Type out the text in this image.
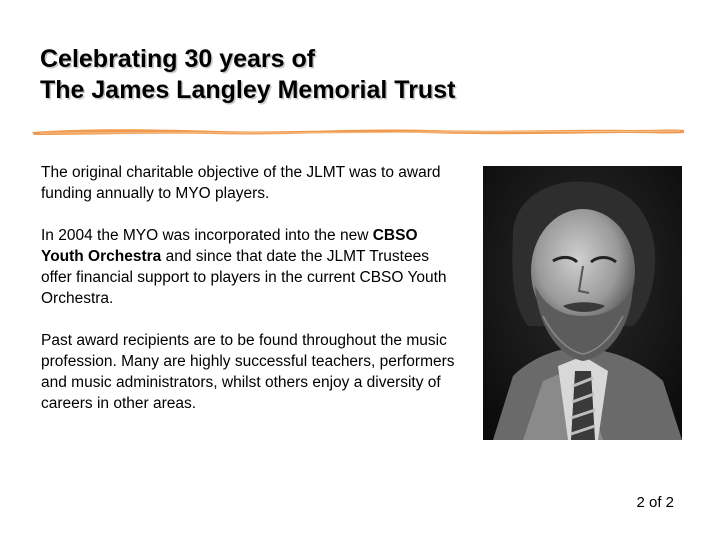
Celebrating 30 years of
The James Langley Memorial Trust

The original charitable objective of the JLMT was to award funding annually to MYO players.

In 2004 the MYO was incorporated into the new CBSO Youth Orchestra and since that date the JLMT Trustees offer financial support to players in the current CBSO Youth Orchestra.

Past award recipients are to be found throughout the music profession. Many are highly successful teachers, performers and music administrators, whilst others enjoy a diversity of careers in other areas.

2 of 2
